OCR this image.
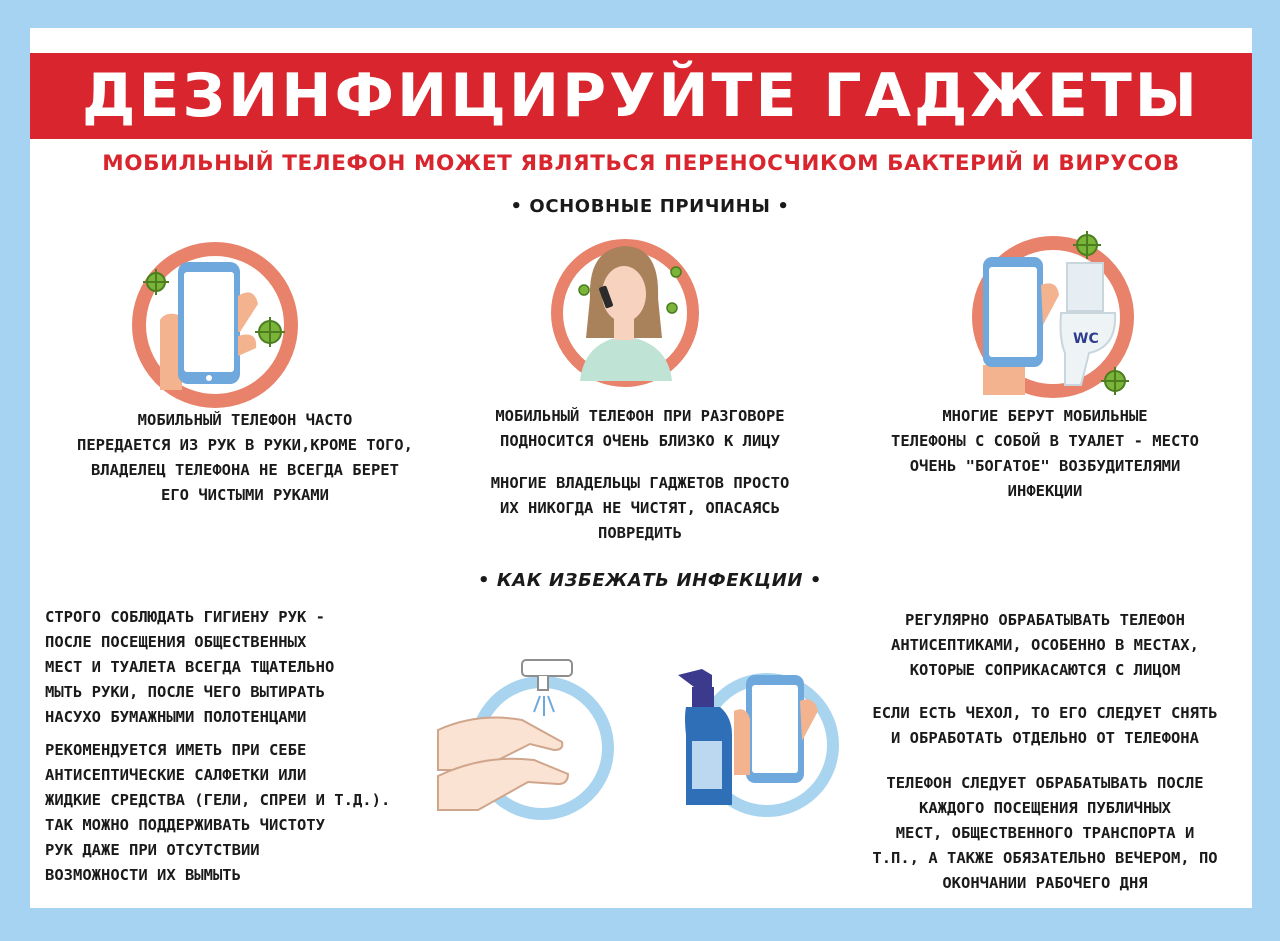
ДЕЗИНФИЦИРУЙТЕ ГАДЖЕТЫ
МОБИЛЬНЫЙ ТЕЛЕФОН МОЖЕТ ЯВЛЯТЬСЯ ПЕРЕНОСЧИКОМ БАКТЕРИЙ И ВИРУСОВ
• ОСНОВНЫЕ ПРИЧИНЫ •
WC
МОБИЛЬНЫЙ ТЕЛЕФОН ЧАСТО
ПЕРЕДАЕТСЯ ИЗ РУК В РУКИ,КРОМЕ ТОГО,
ВЛАДЕЛЕЦ ТЕЛЕФОНА НЕ ВСЕГДА БЕРЕТ
ЕГО ЧИСТЫМИ РУКАМИ
МОБИЛЬНЫЙ ТЕЛЕФОН ПРИ РАЗГОВОРЕ
ПОДНОСИТСЯ ОЧЕНЬ БЛИЗКО К ЛИЦУ
МНОГИЕ ВЛАДЕЛЬЦЫ ГАДЖЕТОВ ПРОСТО
ИХ НИКОГДА НЕ ЧИСТЯТ, ОПАСАЯСЬ
ПОВРЕДИТЬ
МНОГИЕ БЕРУТ МОБИЛЬНЫЕ
ТЕЛЕФОНЫ С СОБОЙ В ТУАЛЕТ - МЕСТО
ОЧЕНЬ "БОГАТОЕ" ВОЗБУДИТЕЛЯМИ
ИНФЕКЦИИ
• КАК ИЗБЕЖАТЬ ИНФЕКЦИИ •
СТРОГО СОБЛЮДАТЬ ГИГИЕНУ РУК -
ПОСЛЕ ПОСЕЩЕНИЯ ОБЩЕСТВЕННЫХ
МЕСТ И ТУАЛЕТА ВСЕГДА ТЩАТЕЛЬНО
МЫТЬ РУКИ, ПОСЛЕ ЧЕГО ВЫТИРАТЬ
НАСУХО БУМАЖНЫМИ ПОЛОТЕНЦАМИ
РЕКОМЕНДУЕТСЯ ИМЕТЬ ПРИ СЕБЕ
АНТИСЕПТИЧЕСКИЕ САЛФЕТКИ ИЛИ
ЖИДКИЕ СРЕДСТВА (ГЕЛИ, СПРЕИ И Т.Д.).
ТАК МОЖНО ПОДДЕРЖИВАТЬ ЧИСТОТУ
РУК ДАЖЕ ПРИ ОТСУТСТВИИ
ВОЗМОЖНОСТИ ИХ ВЫМЫТЬ
РЕГУЛЯРНО ОБРАБАТЫВАТЬ ТЕЛЕФОН
АНТИСЕПТИКАМИ, ОСОБЕННО В МЕСТАХ,
КОТОРЫЕ СОПРИКАСАЮТСЯ С ЛИЦОМ
ЕСЛИ ЕСТЬ ЧЕХОЛ, ТО ЕГО СЛЕДУЕТ СНЯТЬ
И ОБРАБОТАТЬ ОТДЕЛЬНО ОТ ТЕЛЕФОНА
ТЕЛЕФОН СЛЕДУЕТ ОБРАБАТЫВАТЬ ПОСЛЕ
КАЖДОГО ПОСЕЩЕНИЯ ПУБЛИЧНЫХ
МЕСТ, ОБЩЕСТВЕННОГО ТРАНСПОРТА И
Т.П., А ТАКЖЕ ОБЯЗАТЕЛЬНО ВЕЧЕРОМ, ПО
ОКОНЧАНИИ РАБОЧЕГО ДНЯ
